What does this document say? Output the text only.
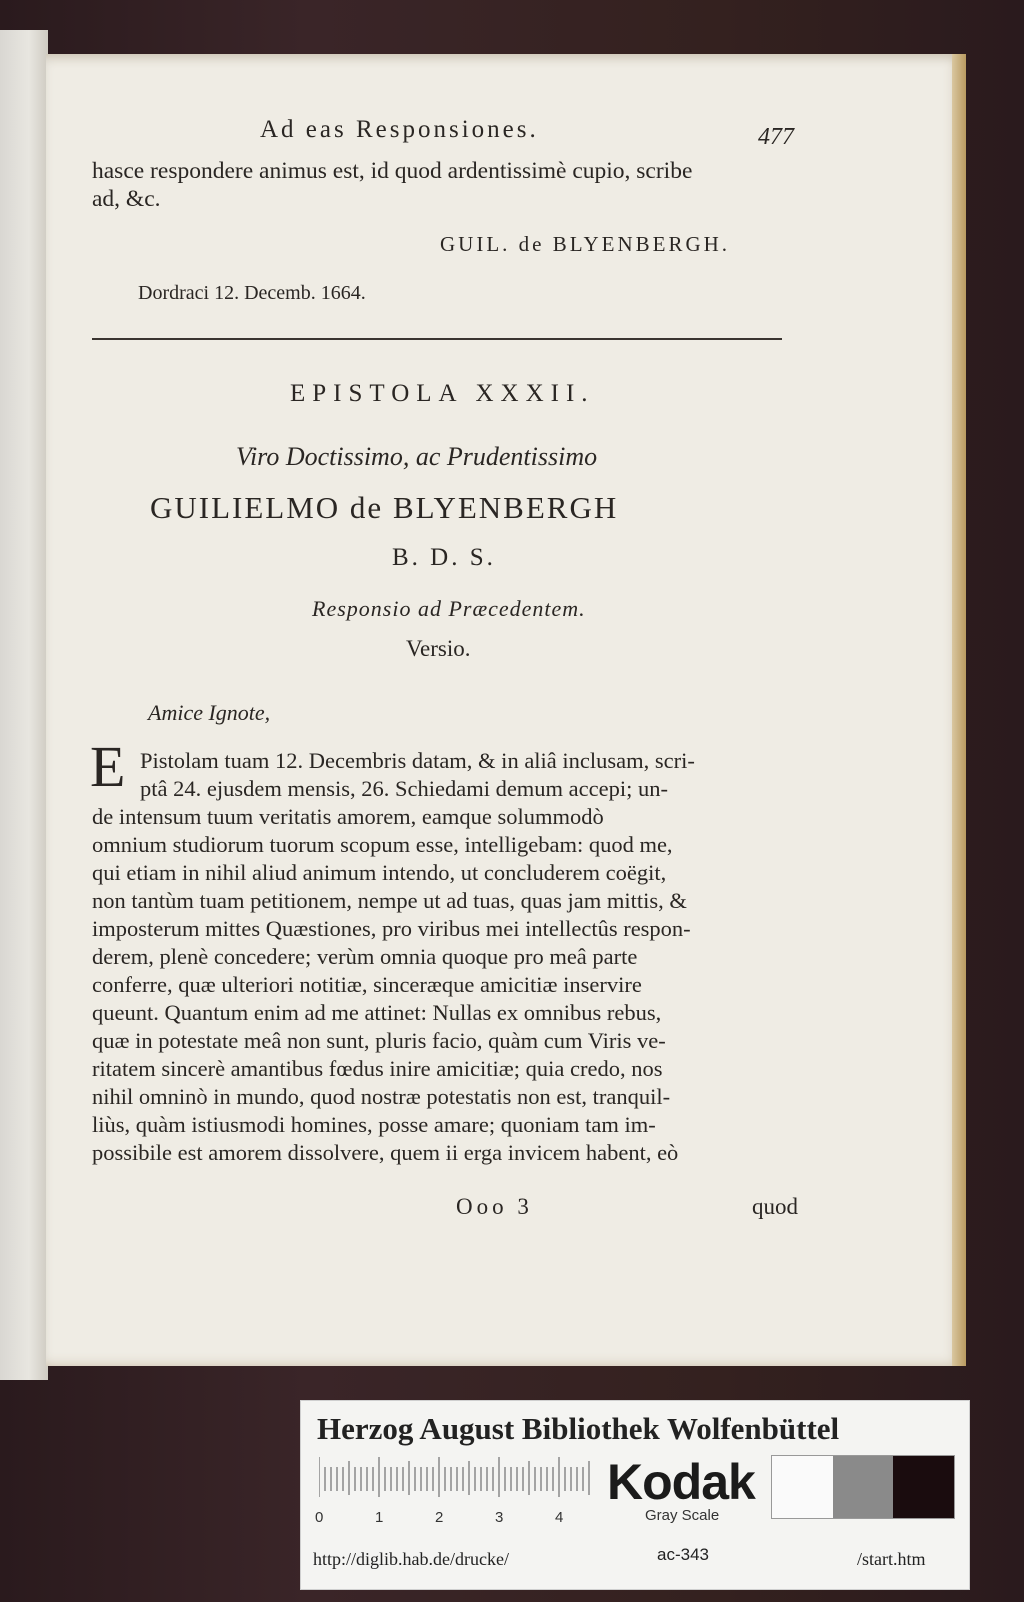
Ad eas Responsiones.	477
hasce respondere animus est, id quod ardentissimè cupio, scribe
ad, &c.
GUIL. de BLYENBERGH.
Dordraci 12. Decemb. 1664.
EPISTOLA XXXII.
Viro Doctissimo, ac Prudentissimo
GUILIELMO de BLYENBERGH
B. D. S.
Responsio ad Præcedentem.
Versio.
Amice Ignote,
E Pistolam tuam 12. Decembris datam, & in aliâ inclusam, scri-
ptâ 24. ejusdem mensis, 26. Schiedami demum accepi; un-
de intensum tuum veritatis amorem, eamque solummodò
omnium studiorum tuorum scopum esse, intelligebam: quod me,
qui etiam in nihil aliud animum intendo, ut concluderem coëgit,
non tantùm tuam petitionem, nempe ut ad tuas, quas jam mittis, &
imposterum mittes Quæstiones, pro viribus mei intellectûs respon-
derem, plenè concedere; verùm omnia quoque pro meâ parte
conferre, quæ ulteriori notitiæ, sinceræque amicitiæ inservire
queunt. Quantum enim ad me attinet: Nullas ex omnibus rebus,
quæ in potestate meâ non sunt, pluris facio, quàm cum Viris ve-
ritatem sincerè amantibus fœdus inire amicitiæ; quia credo, nos
nihil omninò in mundo, quod nostræ potestatis non est, tranquil-
liùs, quàm istiusmodi homines, posse amare; quoniam tam im-
possibile est amorem dissolvere, quem ii erga invicem habent, eò
Ooo 3	quod
Herzog August Bibliothek Wolfenbüttel
0	1	2	3	4
Kodak
Gray Scale
http://diglib.hab.de/drucke/	ac-343	/start.htm
